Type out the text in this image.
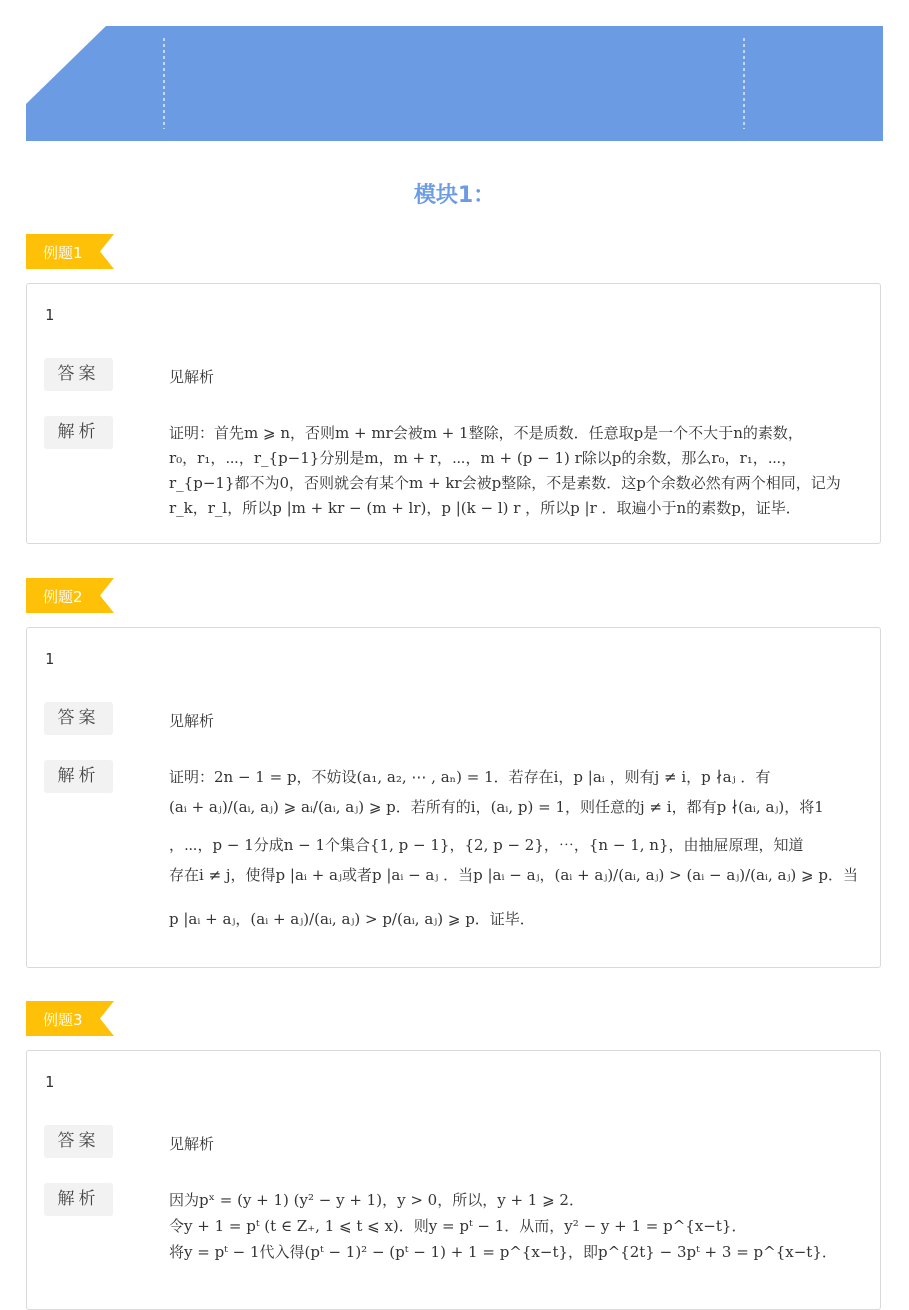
模块1：
例题1
1
答案	见解析
解析	证明：首先m ⩾ n，否则m + mr会被m + 1整除，不是质数．任意取p是一个不大于n的素数，
r₀，r₁，⋯，r_{p−1}分别是m，m + r，⋯，m + (p − 1) r除以p的余数，那么r₀，r₁，⋯，
r_{p−1}都不为0，否则就会有某个m + kr会被p整除，不是素数．这p个余数必然有两个相同，记为
r_k，r_l，所以p |m + kr − (m + lr)，p |(k − l) r ，所以p |r ．取遍小于n的素数p，证毕．
例题2
1
答案	见解析
解析	证明：2n − 1 = p，不妨设(a₁, a₂, ⋯ , aₙ) = 1．若存在i，p |aᵢ ，则有j ≠ i，p ∤aⱼ ．有
(aᵢ + aⱼ)/(aᵢ, aⱼ) ⩾ aᵢ/(aᵢ, aⱼ) ⩾ p．若所有的i，(aᵢ, p) = 1，则任意的j ≠ i，都有p ∤(aᵢ, aⱼ)，将1
，⋯，p − 1分成n − 1个集合{1, p − 1}，{2, p − 2}，⋯，{n − 1, n}，由抽屉原理，知道
存在i ≠ j，使得p |aᵢ + aⱼ或者p |aᵢ − aⱼ ．当p |aᵢ − aⱼ，(aᵢ + aⱼ)/(aᵢ, aⱼ) > (aᵢ − aⱼ)/(aᵢ, aⱼ) ⩾ p．当
p |aᵢ + aⱼ，(aᵢ + aⱼ)/(aᵢ, aⱼ) > p/(aᵢ, aⱼ) ⩾ p．证毕．
例题3
1
答案	见解析
解析	因为pˣ = (y + 1) (y² − y + 1)，y > 0，所以，y + 1 ⩾ 2．
令y + 1 = pᵗ (t ∈ Z₊, 1 ⩽ t ⩽ x)．则y = pᵗ − 1．从而，y² − y + 1 = p^{x−t}．
将y = pᵗ − 1代入得(pᵗ − 1)² − (pᵗ − 1) + 1 = p^{x−t}，即p^{2t} − 3pᵗ + 3 = p^{x−t}．
